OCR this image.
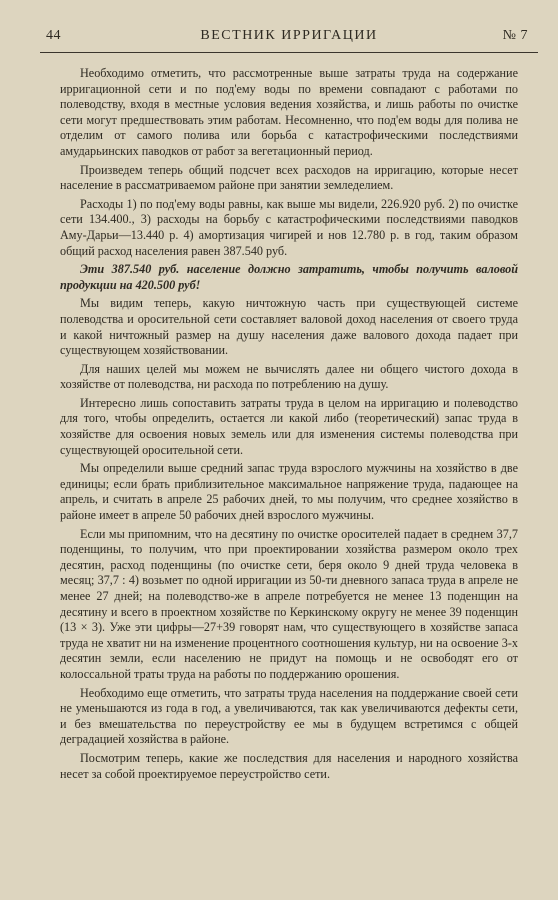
44	ВЕСТНИК ИРРИГАЦИИ	№ 7

Необходимо отметить, что рассмотренные выше затраты труда на содержание ирригационной сети и по под'ему воды по времени совпадают с работами по полеводству, входя в местные условия ведения хозяйства, и лишь работы по очистке сети могут предшествовать этим работам. Несомненно, что под'ем воды для полива не отделим от самого полива или борьба с катастрофическими последствиями амударьинских паводков от работ за вегетационный период.

Произведем теперь общий подсчет всех расходов на ирригацию, которые несет население в рассматриваемом районе при занятии земледелием.

Расходы 1) по под'ему воды равны, как выше мы видели, 226.920 руб. 2) по очистке сети 134.400., 3) расходы на борьбу с катастрофическими последствиями паводков Аму-Дарьи—13.440 р. 4) амортизация чигирей и нов 12.780 р. в год, таким образом общий расход населения равен 387.540 руб.

Эти 387.540 руб. население должно затратить, чтобы получить валовой продукции на 420.500 руб!

Мы видим теперь, какую ничтожную часть при существующей системе полеводства и оросительной сети составляет валовой доход населения от своего труда и какой ничтожный размер на душу населения даже валового дохода падает при существующем хозяйствовании.

Для наших целей мы можем не вычислять далее ни общего чистого дохода в хозяйстве от полеводства, ни расхода по потреблению на душу.

Интересно лишь сопоставить затраты труда в целом на ирригацию и полеводство для того, чтобы определить, остается ли какой либо (теоретический) запас труда в хозяйстве для освоения новых земель или для изменения системы полеводства при существующей оросительной сети.

Мы определили выше средний запас труда взрослого мужчины на хозяйство в две единицы; если брать приблизительное максимальное напряжение труда, падающее на апрель, и считать в апреле 25 рабочих дней, то мы получим, что среднее хозяйство в районе имеет в апреле 50 рабочих дней взрослого мужчины.

Если мы припомним, что на десятину по очистке оросителей падает в среднем 37,7 поденщины, то получим, что при проектировании хозяйства размером около трех десятин, расход поденщины (по очистке сети, беря около 9 дней труда человека в месяц; 37,7 : 4) возьмет по одной ирригации из 50-ти дневного запаса труда в апреле не менее 27 дней; на полеводство-же в апреле потребуется не менее 13 поденщин на десятину и всего в проектном хозяйстве по Керкинскому округу не менее 39 поденщин (13 × 3). Уже эти цифры—27+39 говорят нам, что существующего в хозяйстве запаса труда не хватит ни на изменение процентного соотношения культур, ни на освоение 3-х десятин земли, если населению не придут на помощь и не освободят его от колоссальной траты труда на работы по поддержанию орошения.

Необходимо еще отметить, что затраты труда населения на поддержание своей сети не уменьшаются из года в год, а увеличиваются, так как увеличиваются дефекты сети, и без вмешательства по переустройству ее мы в будущем встретимся с общей деградацией хозяйства в районе.

Посмотрим теперь, какие же последствия для населения и народного хозяйства несет за собой проектируемое переустройство сети.
